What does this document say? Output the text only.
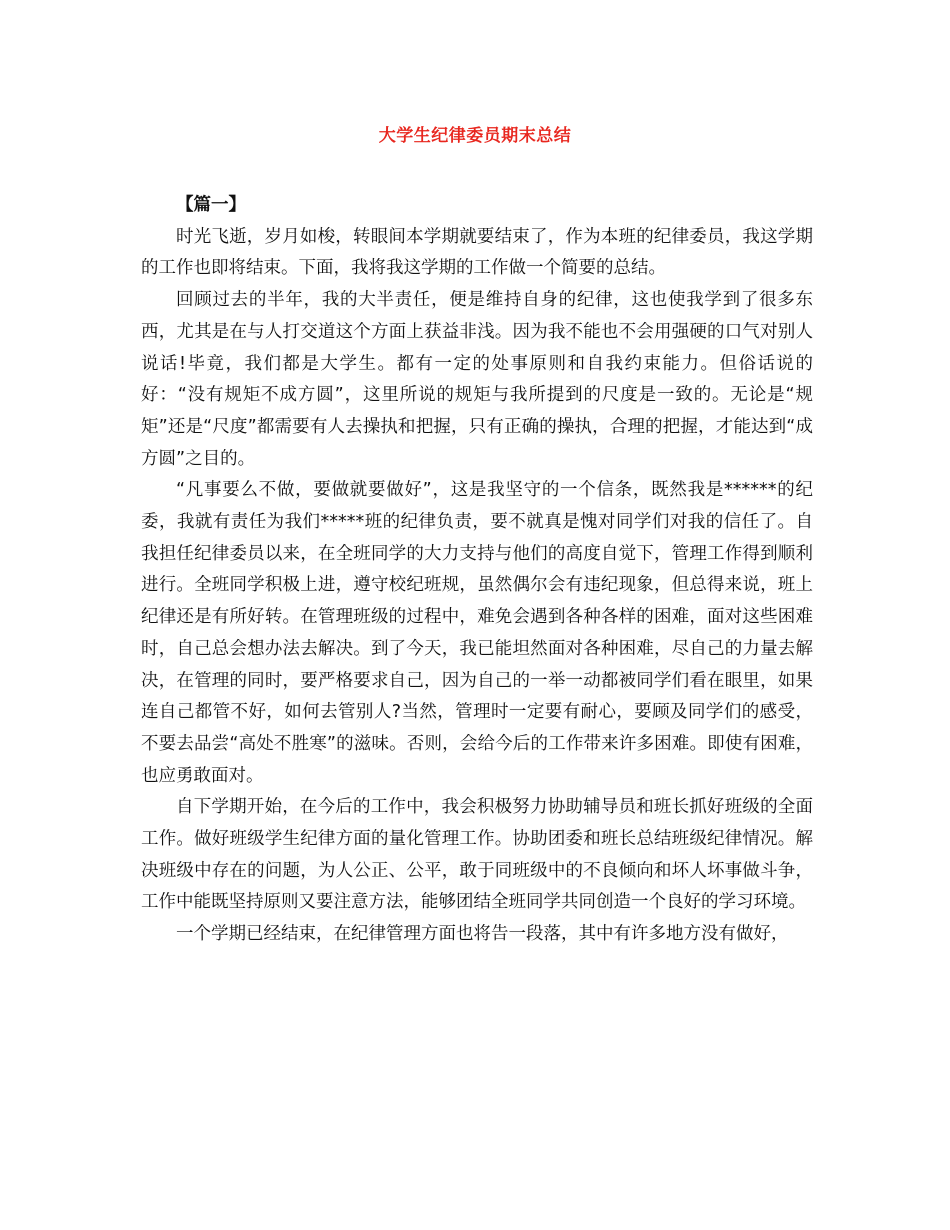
大学生纪律委员期末总结

【篇一】

时光飞逝，岁月如梭，转眼间本学期就要结束了，作为本班的纪律委员，我这学期的工作也即将结束。下面，我将我这学期的工作做一个简要的总结。

回顾过去的半年，我的大半责任，便是维持自身的纪律，这也使我学到了很多东西，尤其是在与人打交道这个方面上获益非浅。因为我不能也不会用强硬的口气对别人说话!毕竟，我们都是大学生。都有一定的处事原则和自我约束能力。但俗话说的好：“没有规矩不成方圆”，这里所说的规矩与我所提到的尺度是一致的。无论是“规矩”还是“尺度”都需要有人去操执和把握，只有正确的操执，合理的把握，才能达到“成方圆”之目的。

“凡事要么不做，要做就要做好”，这是我坚守的一个信条，既然我是******的纪委，我就有责任为我们*****班的纪律负责，要不就真是愧对同学们对我的信任了。自我担任纪律委员以来，在全班同学的大力支持与他们的高度自觉下，管理工作得到顺利进行。全班同学积极上进，遵守校纪班规，虽然偶尔会有违纪现象，但总得来说，班上纪律还是有所好转。在管理班级的过程中，难免会遇到各种各样的困难，面对这些困难时，自己总会想办法去解决。到了今天，我已能坦然面对各种困难，尽自己的力量去解决，在管理的同时，要严格要求自己，因为自己的一举一动都被同学们看在眼里，如果连自己都管不好，如何去管别人?当然，管理时一定要有耐心，要顾及同学们的感受，不要去品尝“高处不胜寒”的滋味。否则，会给今后的工作带来许多困难。即使有困难，也应勇敢面对。

自下学期开始，在今后的工作中，我会积极努力协助辅导员和班长抓好班级的全面工作。做好班级学生纪律方面的量化管理工作。协助团委和班长总结班级纪律情况。解决班级中存在的问题，为人公正、公平，敢于同班级中的不良倾向和坏人坏事做斗争，工作中能既坚持原则又要注意方法，能够团结全班同学共同创造一个良好的学习环境。

一个学期已经结束，在纪律管理方面也将告一段落，其中有许多地方没有做好，
